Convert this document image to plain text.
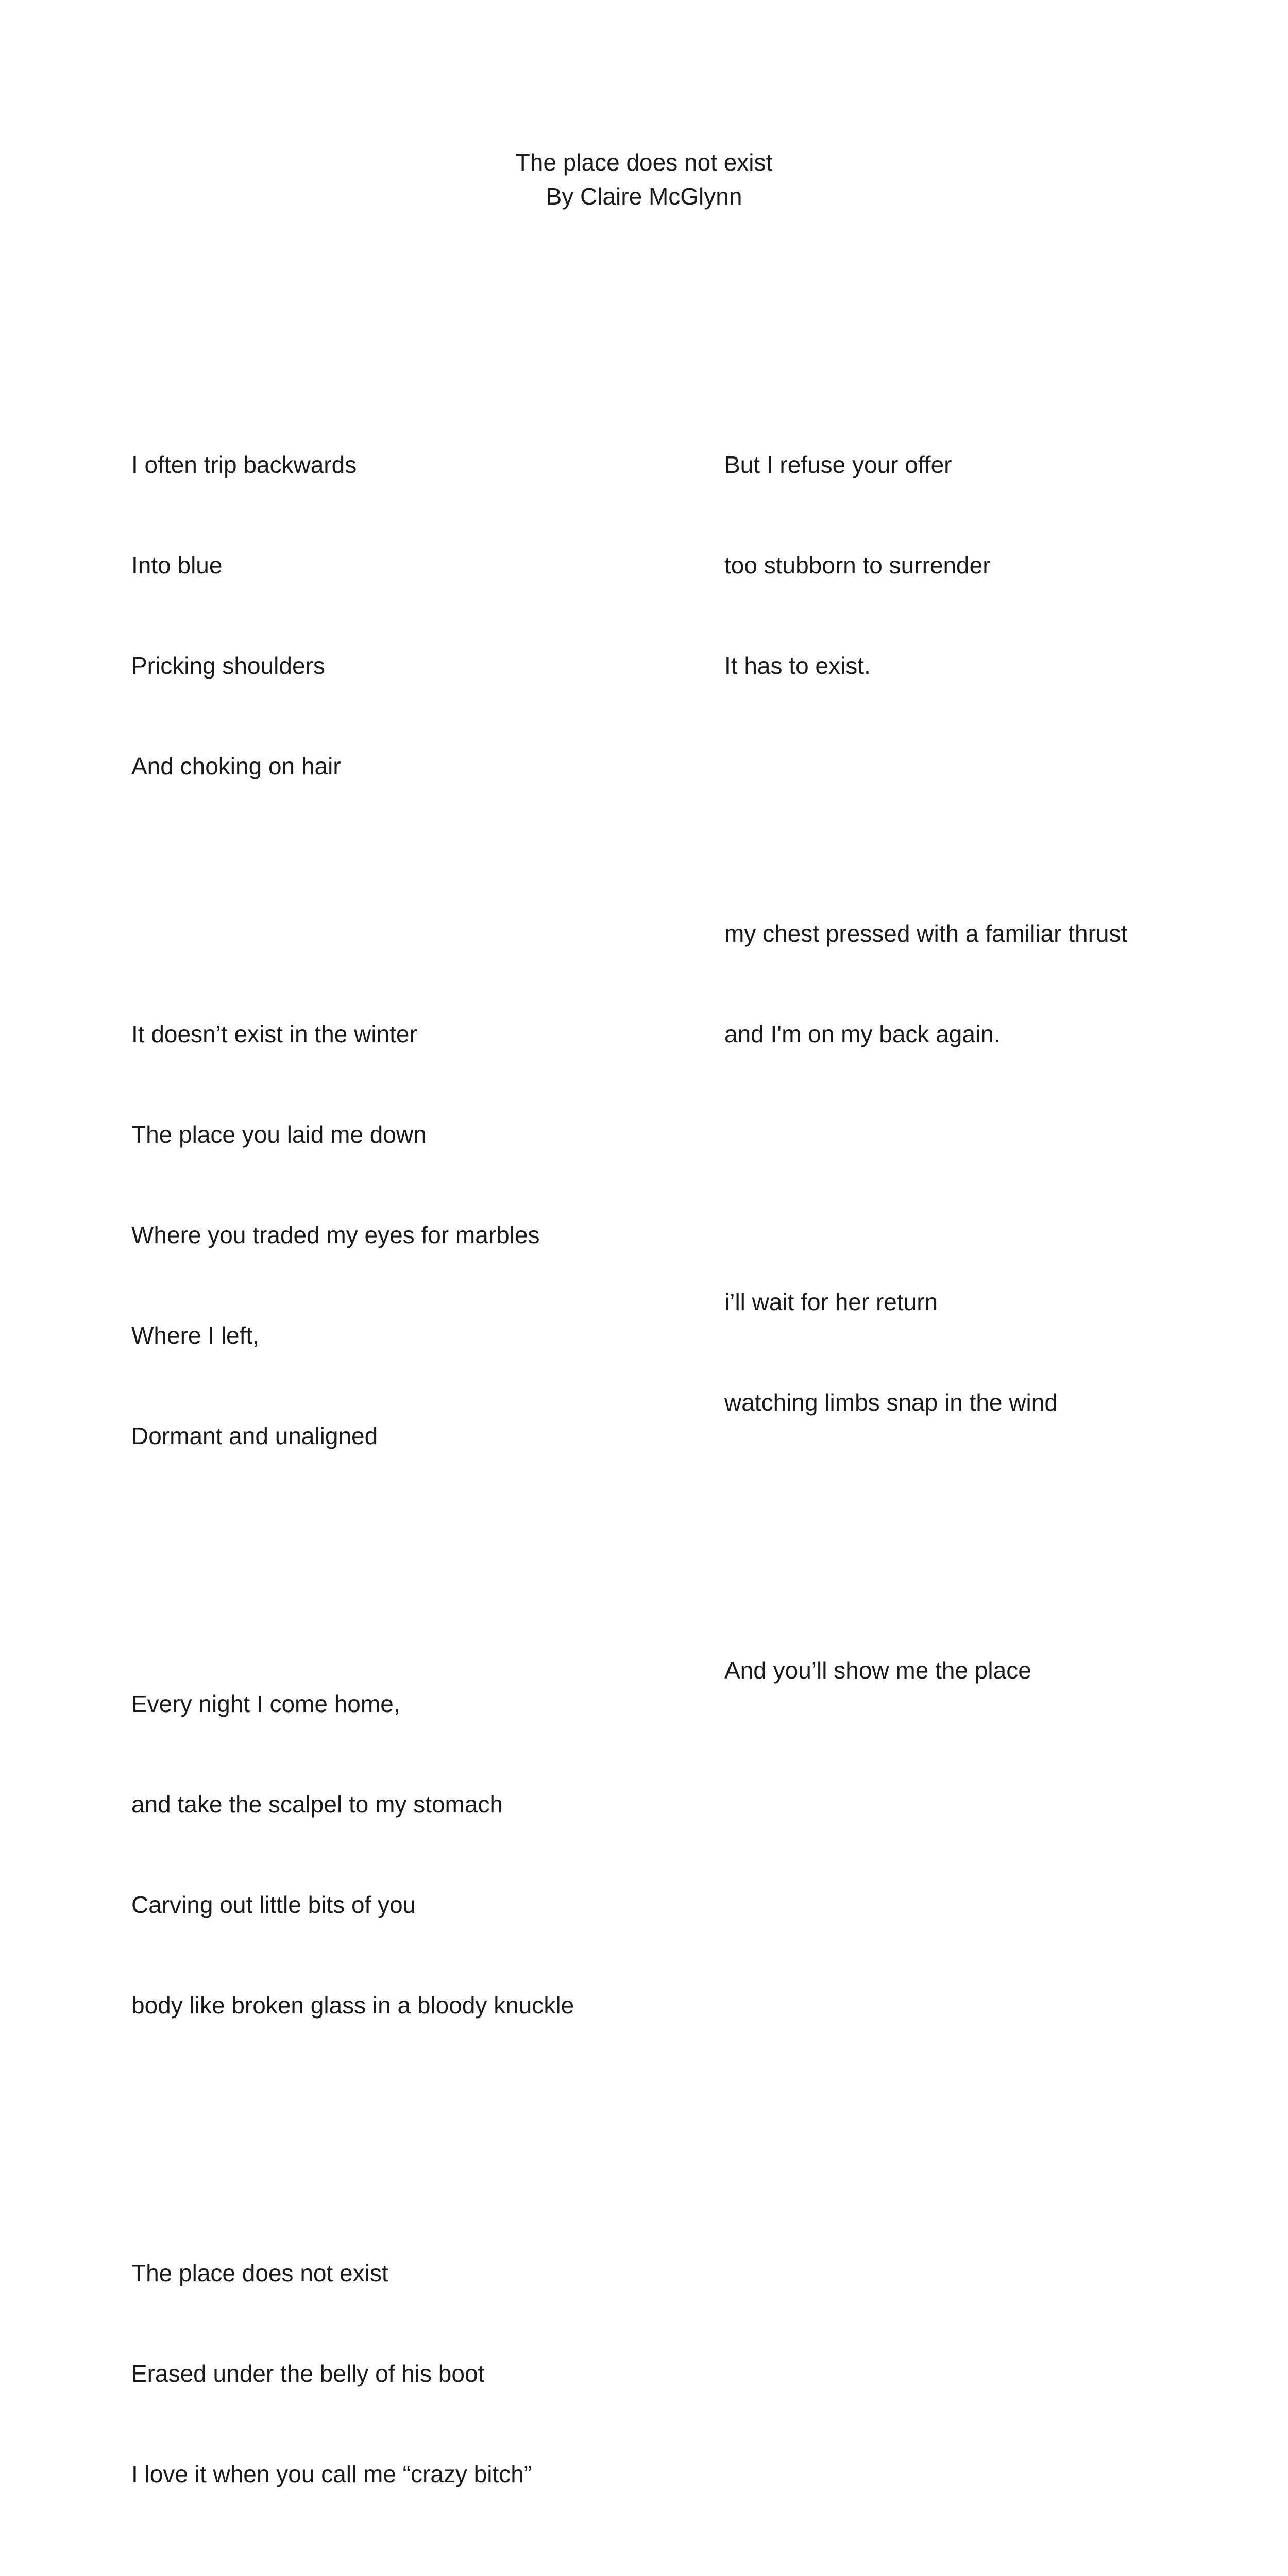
The place does not exist
By Claire McGlynn

I often trip backwards

Into blue

Pricking shoulders

And choking on hair

It doesn’t exist in the winter

The place you laid me down

Where you traded my eyes for marbles

Where I left,

Dormant and unaligned

Every night I come home,

and take the scalpel to my stomach

Carving out little bits of you

body like broken glass in a bloody knuckle

The place does not exist

Erased under the belly of his boot

I love it when you call me “crazy bitch”

But I refuse your offer

too stubborn to surrender

It has to exist.

my chest pressed with a familiar thrust

and I'm on my back again.

i’ll wait for her return

watching limbs snap in the wind

And you’ll show me the place
